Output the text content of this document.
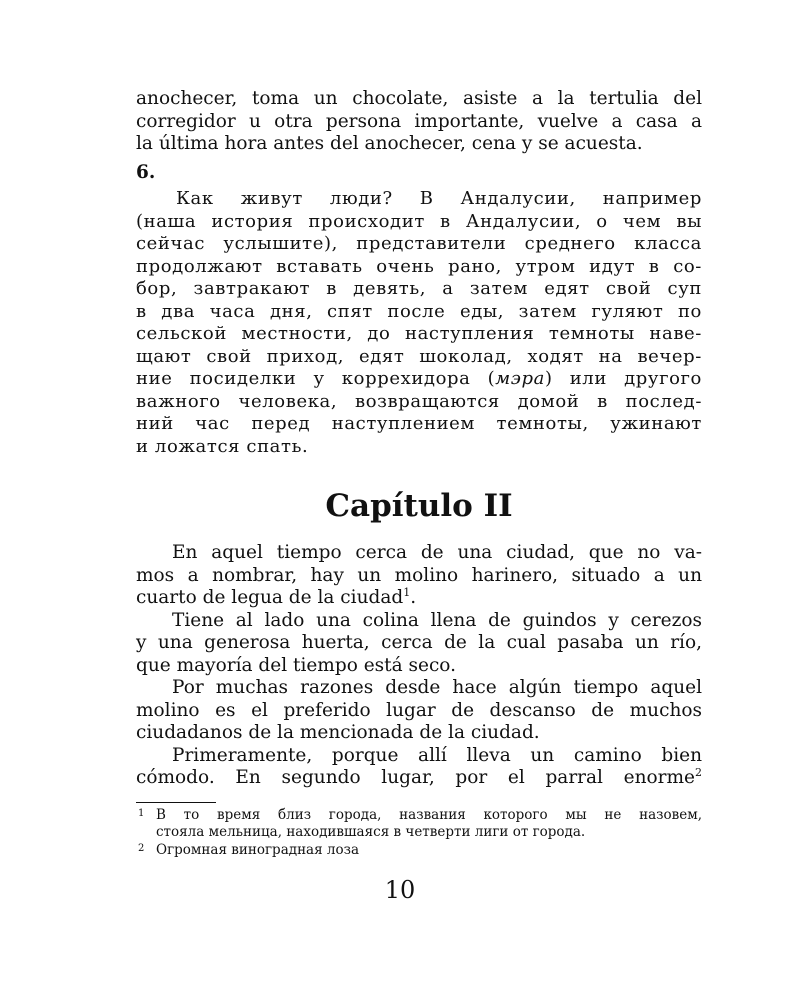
anochecer, toma un chocolate, asiste a la tertulia del
corregidor u otra persona importante, vuelve a casa a
la última hora antes del anochecer, cena y se acuesta.
6.
Как живут люди? В Андалусии, например
(наша история происходит в Андалусии, о чем вы
сейчас услышите), представители среднего класса
продолжают вставать очень рано, утром идут в со-
бор, завтракают в девять, а затем едят свой суп
в два часа дня, спят после еды, затем гуляют по
сельской местности, до наступления темноты наве-
щают свой приход, едят шоколад, ходят на вечер-
ние посиделки у коррехидора (мэра) или другого
важного человека, возвращаются домой в послед-
ний час перед наступлением темноты, ужинают
и ложатся спать.
Capítulo II
En aquel tiempo cerca de una ciudad, que no va-
mos a nombrar, hay un molino harinero, situado a un
cuarto de legua de la ciudad$^1$.
Tiene al lado una colina llena de guindos y cerezos
y una generosa huerta, cerca de la cual pasaba un río,
que mayoría del tiempo está seco.
Por muchas razones desde hace algún tiempo aquel
molino es el preferido lugar de descanso de muchos
ciudadanos de la mencionada de la ciudad.
Primeramente, porque allí lleva un camino bien
cómodo. En segundo lugar, por el parral enorme$^2$
1 В то время близ города, названия которого мы не назовем,
стояла мельница, находившаяся в четверти лиги от города.
2 Огромная виноградная лоза
10
